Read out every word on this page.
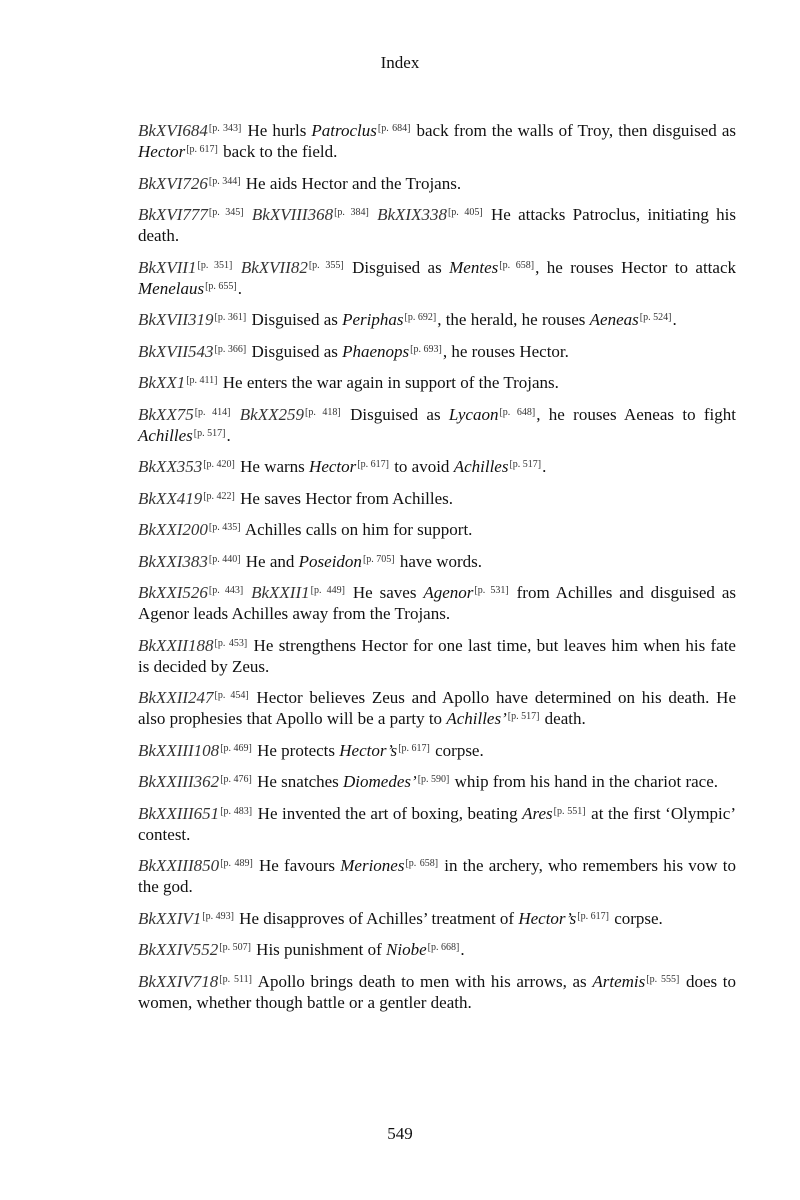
Index

BkXVI684[p. 343] He hurls Patroclus[p. 684] back from the walls of Troy, then disguised as Hector[p. 617] back to the field.

BkXVI726[p. 344] He aids Hector and the Trojans.

BkXVI777[p. 345] BkXVIII368[p. 384] BkXIX338[p. 405] He attacks Patroclus, initiating his death.

BkXVII1[p. 351] BkXVII82[p. 355] Disguised as Mentes[p. 658], he rouses Hector to attack Menelaus[p. 655].

BkXVII319[p. 361] Disguised as Periphas[p. 692], the herald, he rouses Aeneas[p. 524].

BkXVII543[p. 366] Disguised as Phaenops[p. 693], he rouses Hector.

BkXX1[p. 411] He enters the war again in support of the Trojans.

BkXX75[p. 414] BkXX259[p. 418] Disguised as Lycaon[p. 648], he rouses Aeneas to fight Achilles[p. 517].

BkXX353[p. 420] He warns Hector[p. 617] to avoid Achilles[p. 517].

BkXX419[p. 422] He saves Hector from Achilles.

BkXXI200[p. 435] Achilles calls on him for support.

BkXXI383[p. 440] He and Poseidon[p. 705] have words.

BkXXI526[p. 443] BkXXII1[p. 449] He saves Agenor[p. 531] from Achilles and disguised as Agenor leads Achilles away from the Trojans.

BkXXII188[p. 453] He strengthens Hector for one last time, but leaves him when his fate is decided by Zeus.

BkXXII247[p. 454] Hector believes Zeus and Apollo have determined on his death. He also prophesies that Apollo will be a party to Achilles’[p. 517] death.

BkXXIII108[p. 469] He protects Hector’s[p. 617] corpse.

BkXXIII362[p. 476] He snatches Diomedes’[p. 590] whip from his hand in the chariot race.

BkXXIII651[p. 483] He invented the art of boxing, beating Ares[p. 551] at the first ‘Olympic’ contest.

BkXXIII850[p. 489] He favours Meriones[p. 658] in the archery, who remembers his vow to the god.

BkXXIV1[p. 493] He disapproves of Achilles’ treatment of Hector’s[p. 617] corpse.

BkXXIV552[p. 507] His punishment of Niobe[p. 668].

BkXXIV718[p. 511] Apollo brings death to men with his arrows, as Artemis[p. 555] does to women, whether though battle or a gentler death.

549
